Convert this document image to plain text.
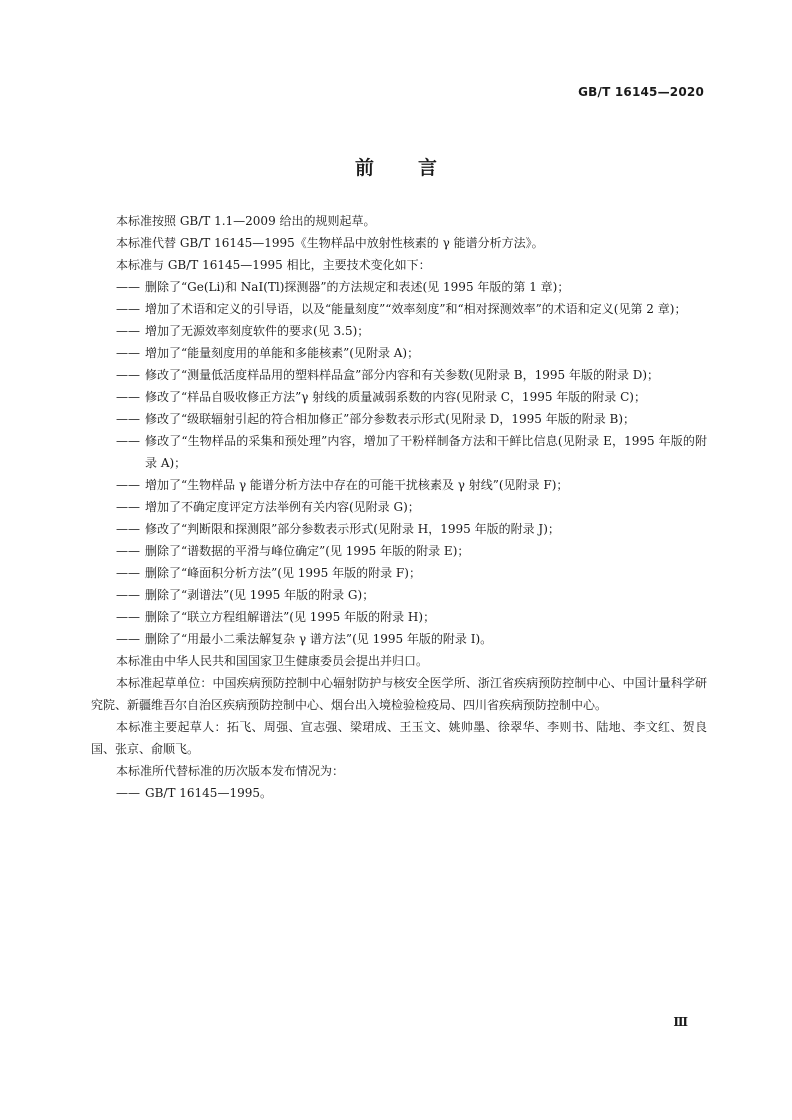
GB/T 16145—2020
前言

本标准按照 GB/T 1.1—2009 给出的规则起草。

本标准代替 GB/T 16145—1995《生物样品中放射性核素的 γ 能谱分析方法》。

本标准与 GB/T 16145—1995 相比，主要技术变化如下：

—— 删除了“Ge(Li)和 NaI(Tl)探测器”的方法规定和表述(见 1995 年版的第 1 章)；
—— 增加了术语和定义的引导语，以及“能量刻度”“效率刻度”和“相对探测效率”的术语和定义(见第 2 章)；
—— 增加了无源效率刻度软件的要求(见 3.5)；
—— 增加了“能量刻度用的单能和多能核素”(见附录 A)；
—— 修改了“测量低活度样品用的塑料样品盒”部分内容和有关参数(见附录 B，1995 年版的附录 D)；
—— 修改了“样品自吸收修正方法”γ 射线的质量减弱系数的内容(见附录 C，1995 年版的附录 C)；
—— 修改了“级联辐射引起的符合相加修正”部分参数表示形式(见附录 D，1995 年版的附录 B)；
—— 修改了“生物样品的采集和预处理”内容，增加了干粉样制备方法和干鲜比信息(见附录 E，1995 年版的附录 A)；
—— 增加了“生物样品 γ 能谱分析方法中存在的可能干扰核素及 γ 射线”(见附录 F)；
—— 增加了不确定度评定方法举例有关内容(见附录 G)；
—— 修改了“判断限和探测限”部分参数表示形式(见附录 H，1995 年版的附录 J)；
—— 删除了“谱数据的平滑与峰位确定”(见 1995 年版的附录 E)；
—— 删除了“峰面积分析方法”(见 1995 年版的附录 F)；
—— 删除了“剥谱法”(见 1995 年版的附录 G)；
—— 删除了“联立方程组解谱法”(见 1995 年版的附录 H)；
—— 删除了“用最小二乘法解复杂 γ 谱方法”(见 1995 年版的附录 I)。

本标准由中华人民共和国国家卫生健康委员会提出并归口。

本标准起草单位：中国疾病预防控制中心辐射防护与核安全医学所、浙江省疾病预防控制中心、中国计量科学研究院、新疆维吾尔自治区疾病预防控制中心、烟台出入境检验检疫局、四川省疾病预防控制中心。

本标准主要起草人：拓飞、周强、宣志强、梁珺成、王玉文、姚帅墨、徐翠华、李则书、陆地、李文红、贺良国、张京、俞顺飞。

本标准所代替标准的历次版本发布情况为：

—— GB/T 16145—1995。
Ⅲ
